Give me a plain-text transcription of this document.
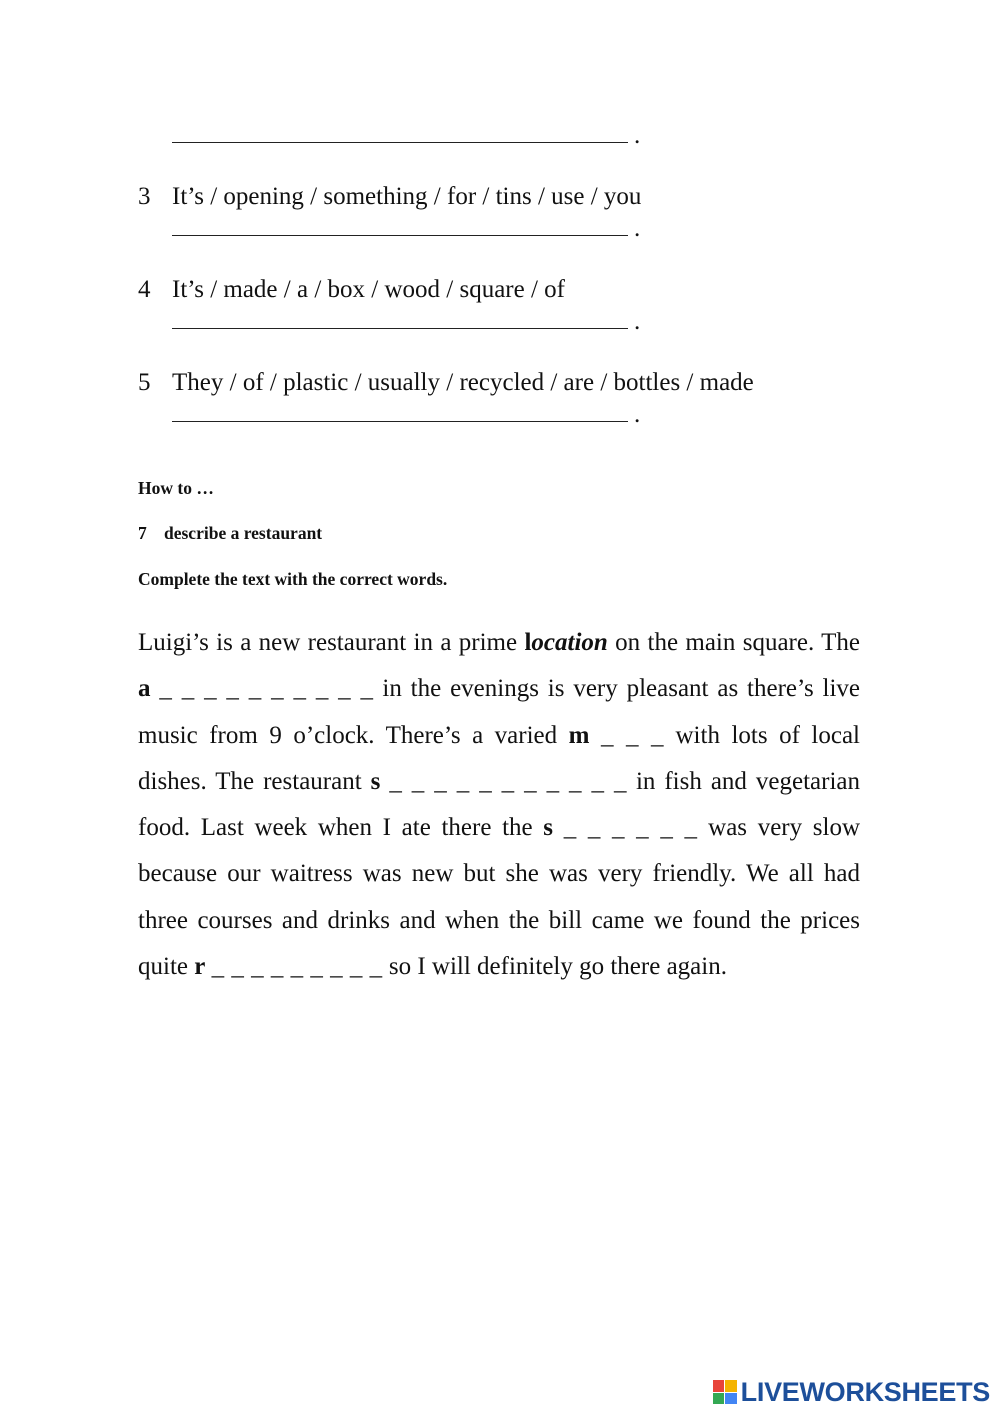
.
3 It’s / opening / something / for / tins / use / you
.
4 It’s / made / a / box / wood / square / of
.
5 They / of / plastic / usually / recycled / are / bottles / made
.
How to …
7 describe a restaurant
Complete the text with the correct words.
Luigi’s is a new restaurant in a prime location on the main square. The a _ _ _ _ _ _ _ _ _ _ in the evenings is very pleasant as there’s live music from 9 o’clock. There’s a varied m _ _ _ with lots of local dishes. The restaurant s _ _ _ _ _ _ _ _ _ _ _ in fish and vegetarian food. Last week when I ate there the s _ _ _ _ _ _ was very slow because our waitress was new but she was very friendly. We all had three courses and drinks and when the bill came we found the prices quite r _ _ _ _ _ _ _ _ _ so I will definitely go there again.
LIVEWORKSHEETS
